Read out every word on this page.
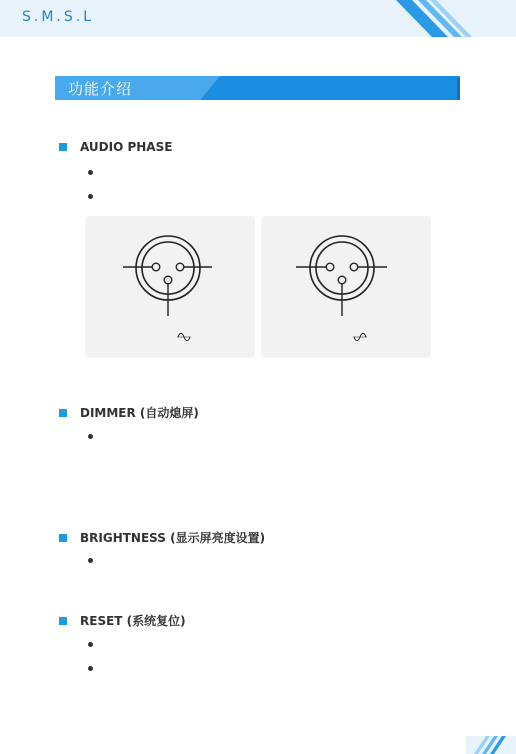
S.M.S.L
功能介绍
AUDIO PHASE
DIMMER (自动熄屏)
BRIGHTNESS (显示屏亮度设置)
RESET (系统复位)
